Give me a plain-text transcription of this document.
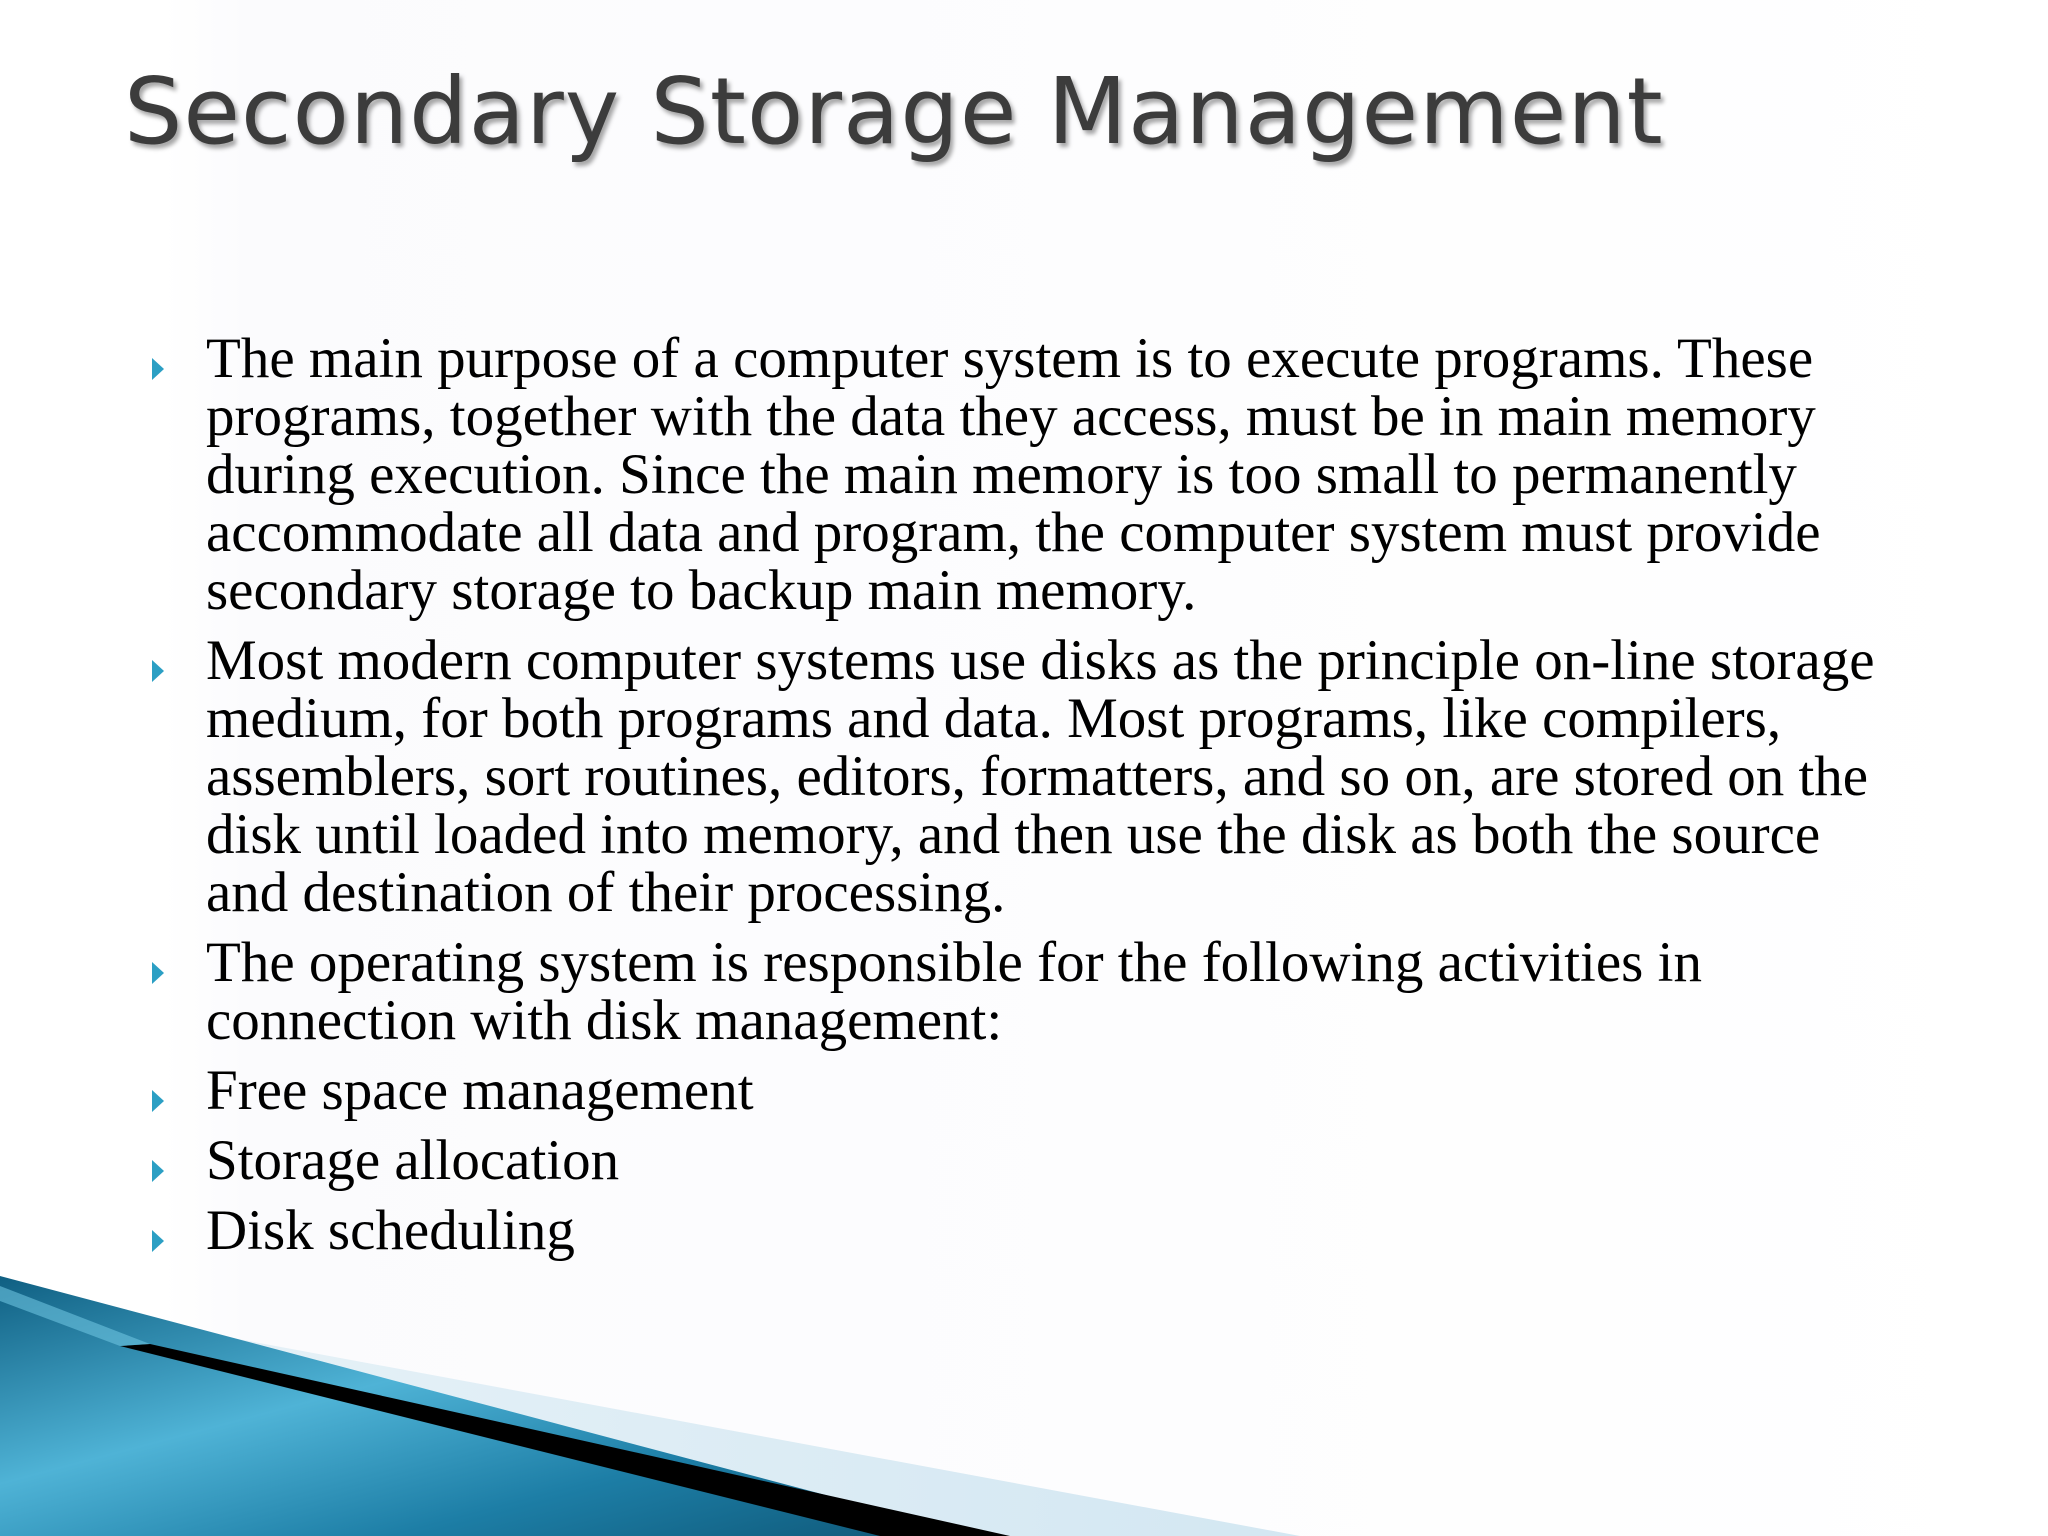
Secondary Storage Management
The main purpose of a computer system is to execute programs. These programs, together with the data they access, must be in main memory during execution. Since the main memory is too small to permanently accommodate all data and program, the computer system must provide secondary storage to backup main memory.
Most modern computer systems use disks as the principle on-line storage medium, for both programs and data. Most programs, like compilers, assemblers, sort routines, editors, formatters, and so on, are stored on the disk until loaded into memory, and then use the disk as both the source and destination of their processing.
The operating system is responsible for the following activities in connection with disk management:
Free space management
Storage allocation
Disk scheduling
